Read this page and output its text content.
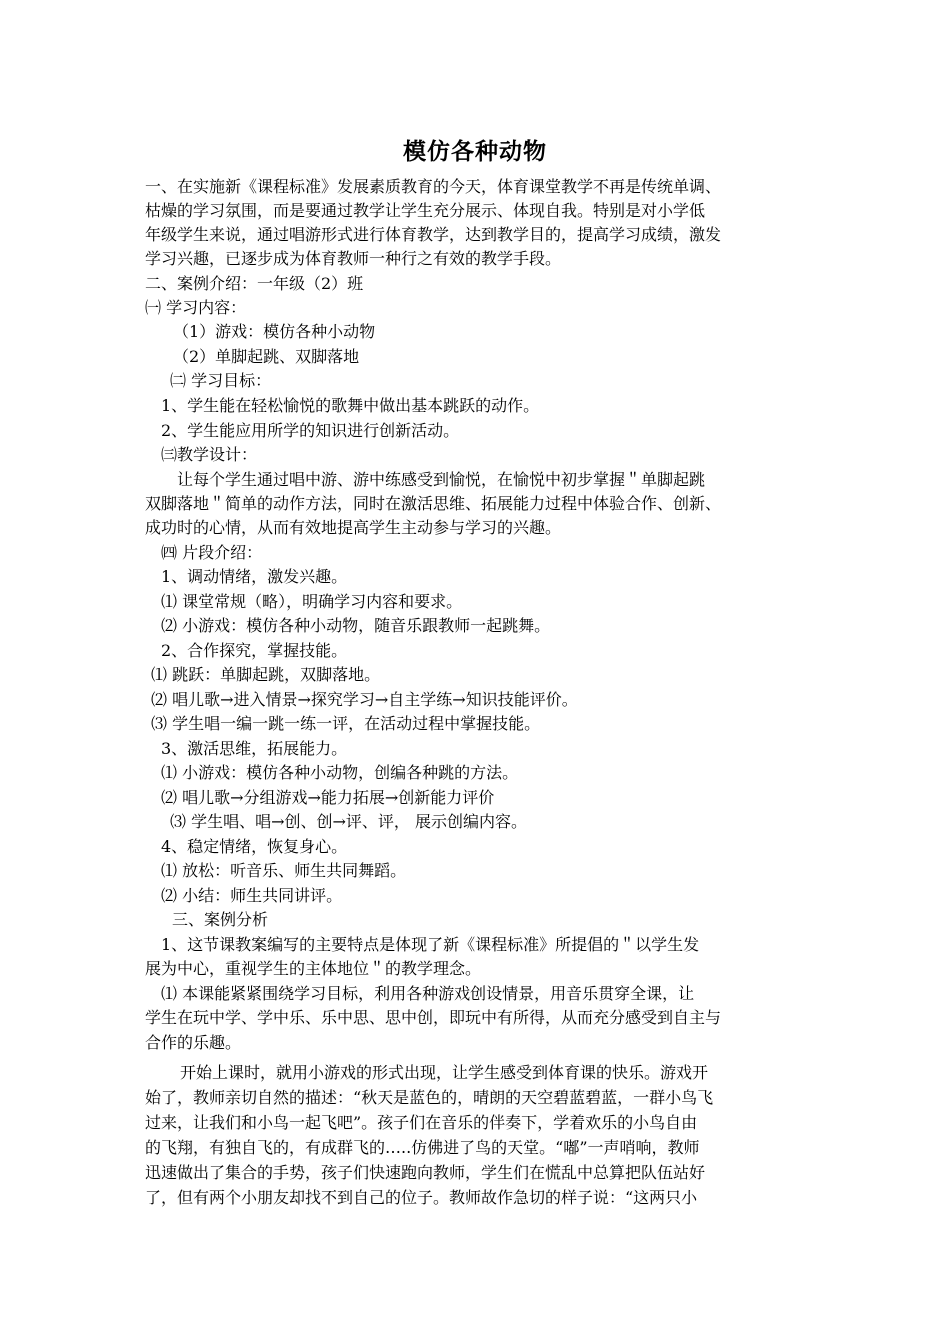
模仿各种动物
一、在实施新《课程标准》发展素质教育的今天，体育课堂教学不再是传统单调、
枯燥的学习氛围，而是要通过教学让学生充分展示、体现自我。特别是对小学低
年级学生来说，通过唱游形式进行体育教学，达到教学目的，提高学习成绩，激发
学习兴趣，已逐步成为体育教师一种行之有效的教学手段。
二、案例介绍：一年级（2）班
㈠ 学习内容：
（1）游戏：模仿各种小动物
（2）单脚起跳、双脚落地
㈡ 学习目标：
1、学生能在轻松愉悦的歌舞中做出基本跳跃的动作。
2、学生能应用所学的知识进行创新活动。
㈢教学设计：
让每个学生通过唱中游、游中练感受到愉悦，在愉悦中初步掌握＂单脚起跳
双脚落地＂简单的动作方法，同时在激活思维、拓展能力过程中体验合作、创新、
成功时的心情，从而有效地提高学生主动参与学习的兴趣。
㈣ 片段介绍：
1、调动情绪，激发兴趣。
⑴ 课堂常规（略），明确学习内容和要求。
⑵ 小游戏：模仿各种小动物，随音乐跟教师一起跳舞。
2、合作探究，掌握技能。
⑴ 跳跃：单脚起跳，双脚落地。
⑵ 唱儿歌→进入情景→探究学习→自主学练→知识技能评价。
⑶ 学生唱一编一跳一练一评，在活动过程中掌握技能。
3、激活思维，拓展能力。
⑴ 小游戏：模仿各种小动物，创编各种跳的方法。
⑵ 唱儿歌→分组游戏→能力拓展→创新能力评价
⑶ 学生唱、唱→创、创→评、评， 展示创编内容。
4、稳定情绪，恢复身心。
⑴ 放松：听音乐、师生共同舞蹈。
⑵ 小结：师生共同讲评。
三、案例分析
1、这节课教案编写的主要特点是体现了新《课程标准》所提倡的＂以学生发
展为中心，重视学生的主体地位＂的教学理念。
⑴ 本课能紧紧围绕学习目标，利用各种游戏创设情景，用音乐贯穿全课，让
学生在玩中学、学中乐、乐中思、思中创，即玩中有所得，从而充分感受到自主与
合作的乐趣。
开始上课时，就用小游戏的形式出现，让学生感受到体育课的快乐。游戏开
始了，教师亲切自然的描述：“秋天是蓝色的，晴朗的天空碧蓝碧蓝，一群小鸟飞
过来，让我们和小鸟一起飞吧”。孩子们在音乐的伴奏下，学着欢乐的小鸟自由
的飞翔，有独自飞的，有成群飞的…..仿佛进了鸟的天堂。“嘟”一声哨响，教师
迅速做出了集合的手势，孩子们快速跑向教师，学生们在慌乱中总算把队伍站好
了，但有两个小朋友却找不到自己的位子。教师故作急切的样子说：“这两只小
